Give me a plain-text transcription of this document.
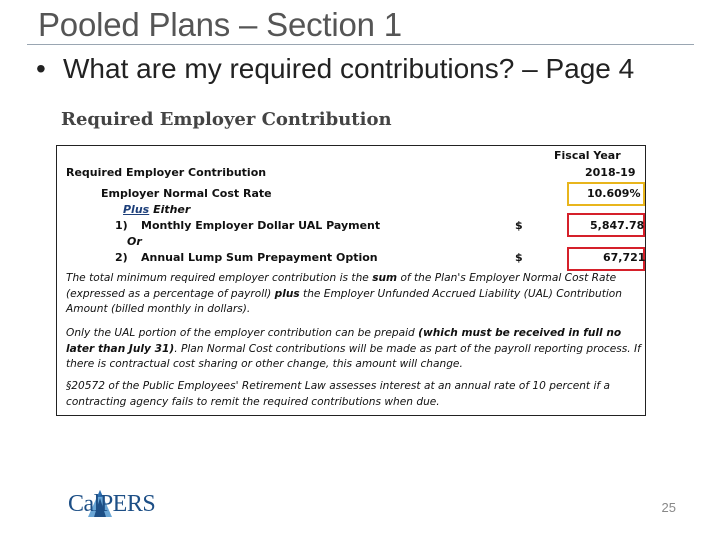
Pooled Plans – Section 1
• What are my required contributions? – Page 4
Required Employer Contribution
Fiscal Year
Required Employer Contribution	2018-19
Employer Normal Cost Rate	10.609%
Plus Either
1) Monthly Employer Dollar UAL Payment	$	5,847.78
Or
2) Annual Lump Sum Prepayment Option	$	67,721
The total minimum required employer contribution is the sum of the Plan's Employer Normal Cost Rate (expressed as a percentage of payroll) plus the Employer Unfunded Accrued Liability (UAL) Contribution Amount (billed monthly in dollars).
Only the UAL portion of the employer contribution can be prepaid (which must be received in full no later than July 31). Plan Normal Cost contributions will be made as part of the payroll reporting process. If there is contractual cost sharing or other change, this amount will change.
§20572 of the Public Employees' Retirement Law assesses interest at an annual rate of 10 percent if a contracting agency fails to remit the required contributions when due.
CalPERS	25
